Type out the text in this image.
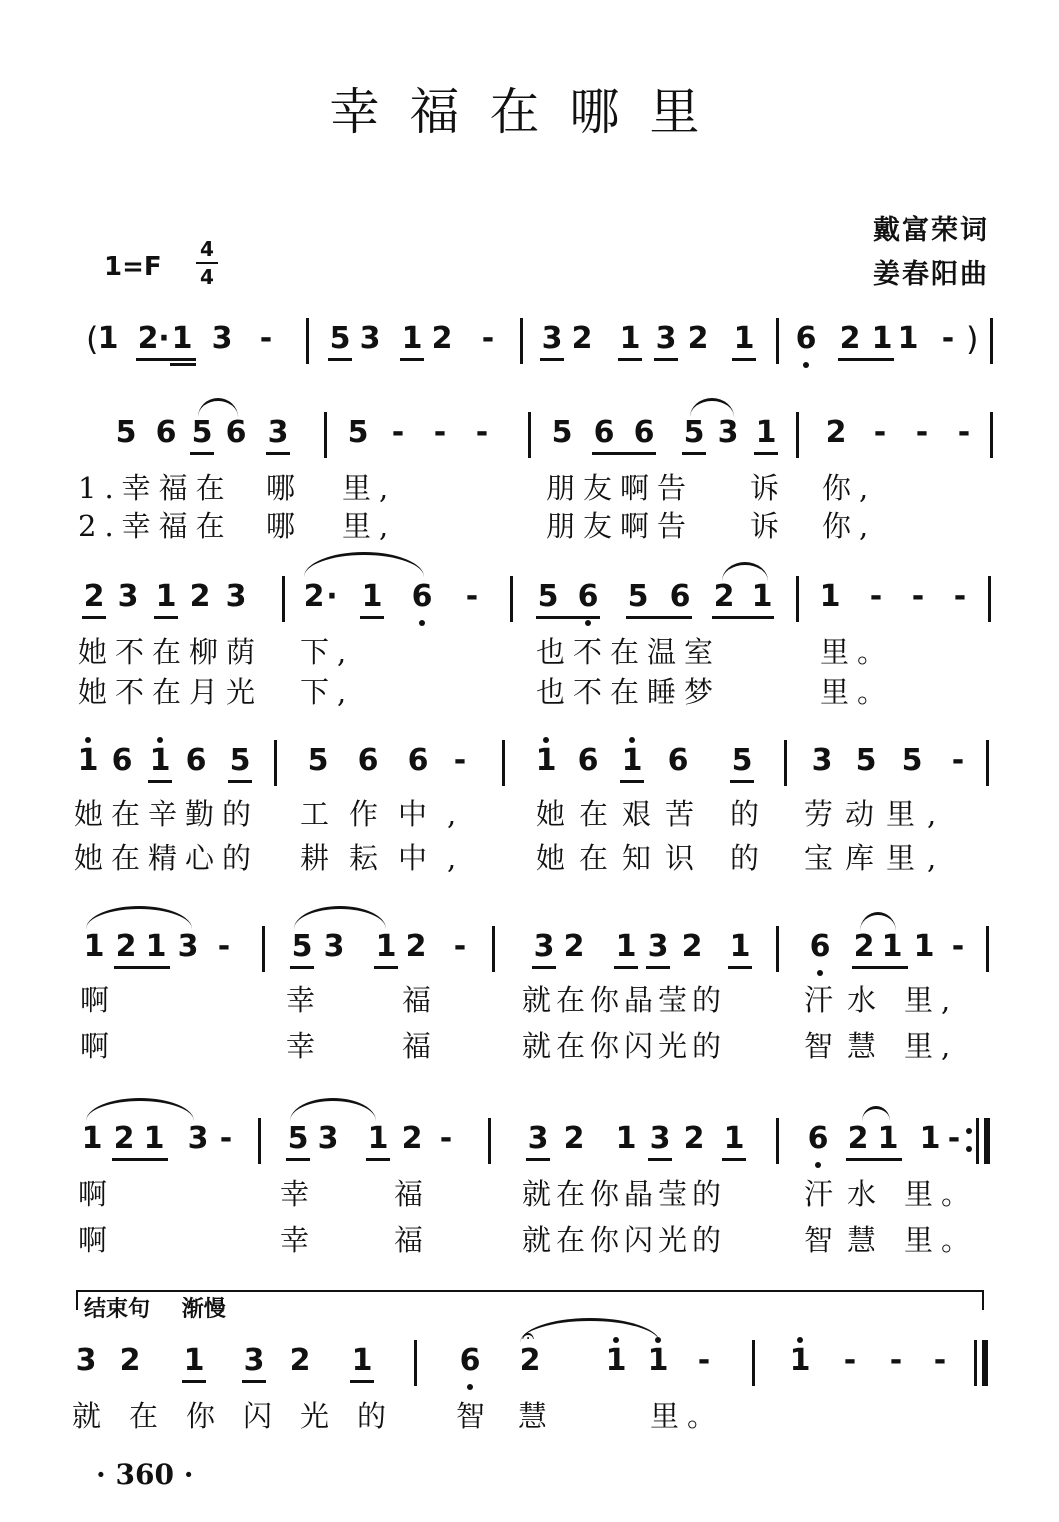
幸福在哪里
戴富荣词
姜春阳曲
1=F
4
4
( 1 2 · 1 3 - 5 3 1 2 - 3 2 1 3 2 1 6 2 1 1 - )
5 6 5 6 3 5 - - - 5 6 6 5 3 1 2 - - -
1.幸福在 哪 里,	朋友啊告 诉 你,
2.幸福在 哪 里,	朋友啊告 诉 你,
2 3 1 2 3 2 · 1 6 - 5 6 5 6 2 1 1 - - -
她不在柳荫 下,	也不在温室	里。
她不在月光 下,	也不在睡梦	里。
1 6 1 6 5 5 6 6 - 1 6 1 6 5 3 5 5 -
她在辛勤的 工作中, 她在艰苦 的 劳动里,
她在精心的 耕耘中, 她在知识 的 宝库里,
1 2 1 3 - 5 3 1 2 - 3 2 1 3 2 1 6 2 1 1 -
啊	幸	福	就在你晶莹的	汗水 里,
啊	幸	福	就在你闪光的	智慧 里,
1 2 1 3 - 5 3 1 2 -	3 2 1 3 2 1 6 2 1 1 -
啊	幸	福	就在你晶莹的	汗水 里。
啊	幸	福	就在你闪光的	智慧 里。
结束句 渐慢
3 2 1 3 2 1	6 2 1 1 -
𝄐
1 - - -
就在你闪光的 智 慧	里。
· 360 ·
